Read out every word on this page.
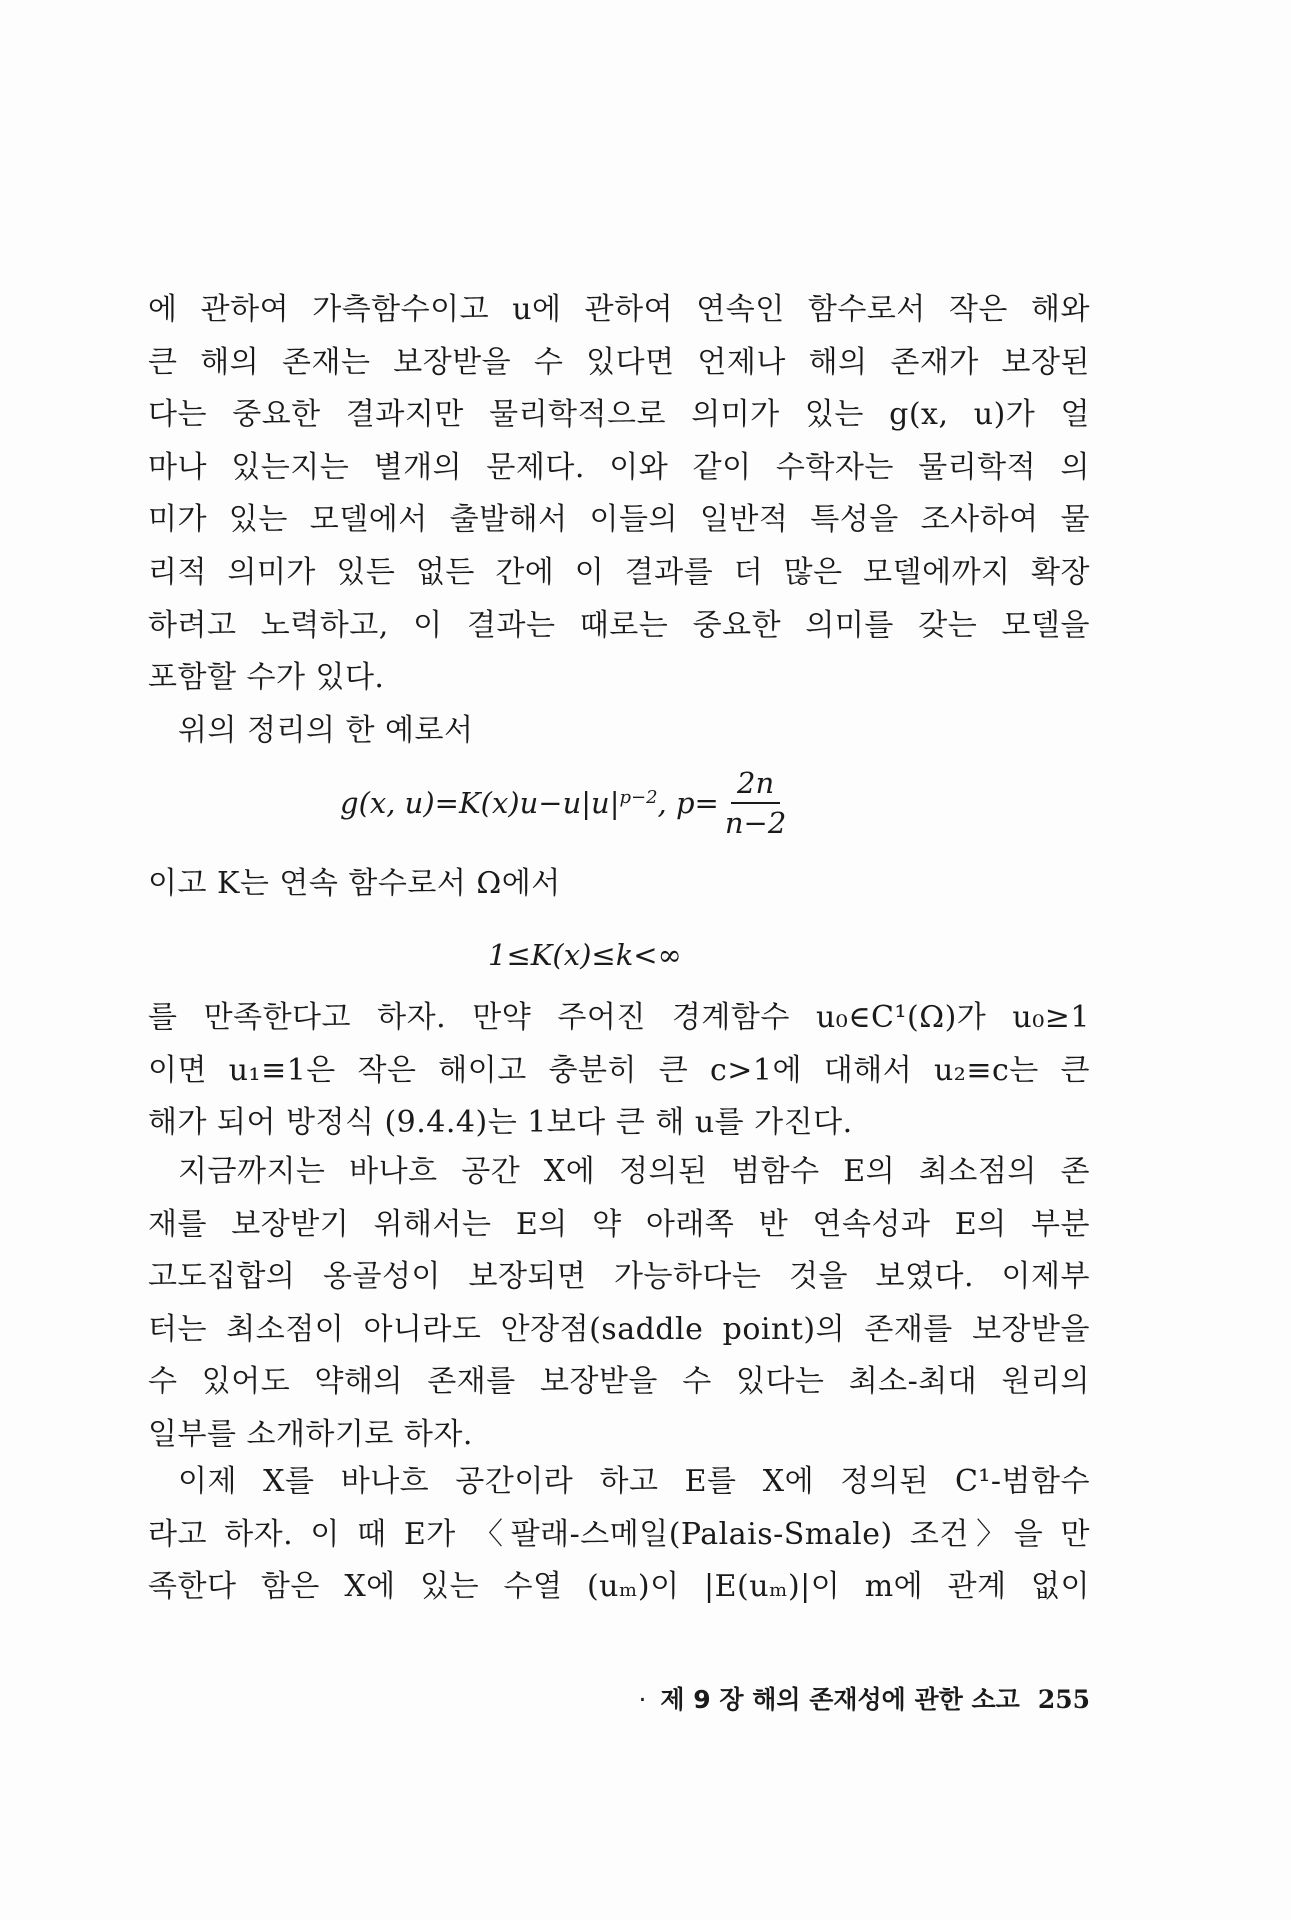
에 관하여 가측함수이고 u에 관하여 연속인 함수로서 작은 해와
큰 해의 존재는 보장받을 수 있다면 언제나 해의 존재가 보장된
다는 중요한 결과지만 물리학적으로 의미가 있는 g(x, u)가 얼
마나 있는지는 별개의 문제다. 이와 같이 수학자는 물리학적 의
미가 있는 모델에서 출발해서 이들의 일반적 특성을 조사하여 물
리적 의미가 있든 없든 간에 이 결과를 더 많은 모델에까지 확장
하려고 노력하고, 이 결과는 때로는 중요한 의미를 갖는 모델을
포함할 수가 있다.
위의 정리의 한 예로서
g(x, $u)=K(x)u-u|u|^{p-2}$ , $p= \frac{2n}{n-2}$
이고 K는 연속 함수로서 Ω에서
1≤K(x)≤k<∞
를 만족한다고 하자. 만약 주어진 경계함수 u₀∈C¹(Ω)가 u₀≥1
이면 u₁≡1은 작은 해이고 충분히 큰 c>1에 대해서 u₂≡c는 큰
해가 되어 방정식 (9.4.4)는 1보다 큰 해 u를 가진다.
지금까지는 바나흐 공간 X에 정의된 범함수 E의 최소점의 존
재를 보장받기 위해서는 E의 약 아래쪽 반 연속성과 E의 부분
고도집합의 옹골성이 보장되면 가능하다는 것을 보였다. 이제부
터는 최소점이 아니라도 안장점(saddle point)의 존재를 보장받을
수 있어도 약해의 존재를 보장받을 수 있다는 최소-최대 원리의
일부를 소개하기로 하자.
이제 X를 바나흐 공간이라 하고 E를 X에 정의된 C¹-범함수
라고 하자. 이 때 E가 〈팔래-스메일(Palais-Smale) 조건〉을 만
족한다 함은 X에 있는 수열 (uₘ)이 |E(uₘ)|이 m에 관계 없이
· 제 9 장 해의 존재성에 관한 소고 255
